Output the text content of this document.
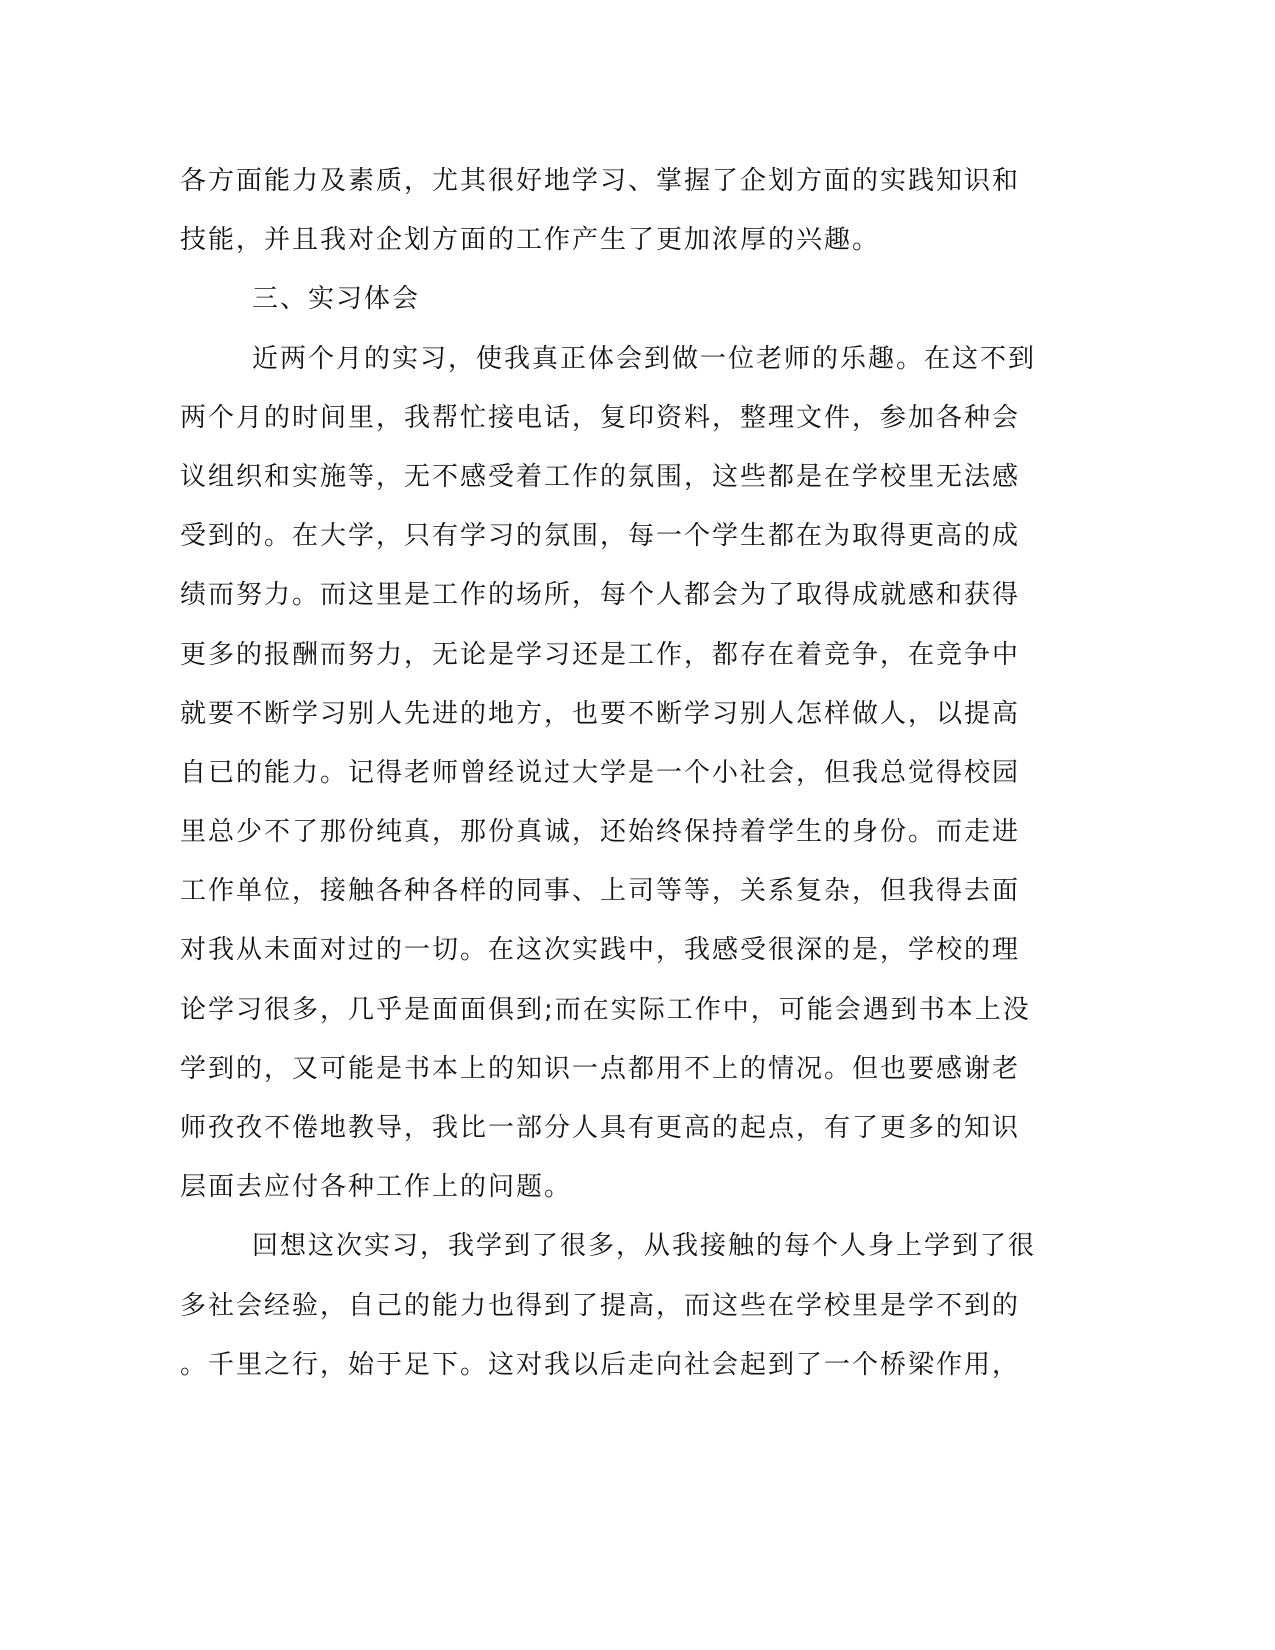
各方面能力及素质，尤其很好地学习、掌握了企划方面的实践知识和
技能，并且我对企划方面的工作产生了更加浓厚的兴趣。
三、实习体会
近两个月的实习，使我真正体会到做一位老师的乐趣。在这不到
两个月的时间里，我帮忙接电话，复印资料，整理文件，参加各种会
议组织和实施等，无不感受着工作的氛围，这些都是在学校里无法感
受到的。在大学，只有学习的氛围，每一个学生都在为取得更高的成
绩而努力。而这里是工作的场所，每个人都会为了取得成就感和获得
更多的报酬而努力，无论是学习还是工作，都存在着竞争，在竞争中
就要不断学习别人先进的地方，也要不断学习别人怎样做人，以提高
自已的能力。记得老师曾经说过大学是一个小社会，但我总觉得校园
里总少不了那份纯真，那份真诚，还始终保持着学生的身份。而走进
工作单位，接触各种各样的同事、上司等等，关系复杂，但我得去面
对我从未面对过的一切。在这次实践中，我感受很深的是，学校的理
论学习很多，几乎是面面俱到;而在实际工作中，可能会遇到书本上没
学到的，又可能是书本上的知识一点都用不上的情况。但也要感谢老
师孜孜不倦地教导，我比一部分人具有更高的起点，有了更多的知识
层面去应付各种工作上的问题。
回想这次实习，我学到了很多，从我接触的每个人身上学到了很
多社会经验，自己的能力也得到了提高，而这些在学校里是学不到的
。千里之行，始于足下。这对我以后走向社会起到了一个桥梁作用，
